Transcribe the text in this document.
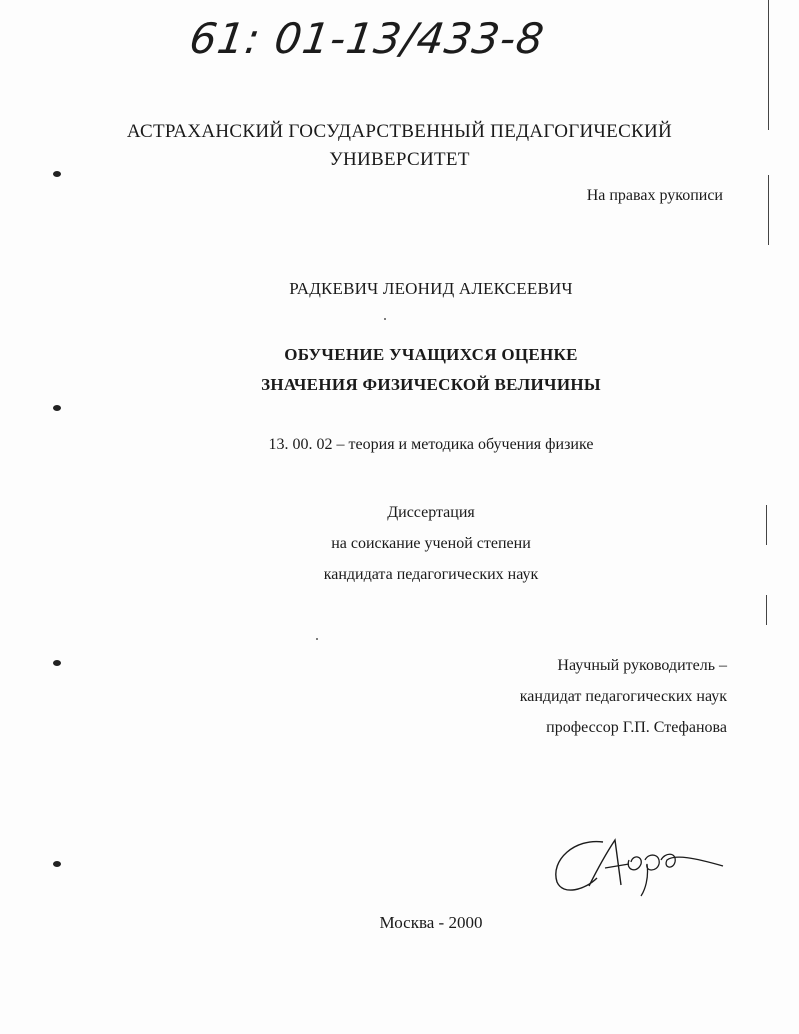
61: 01-13/433-8
АСТРАХАНСКИЙ ГОСУДАРСТВЕННЫЙ ПЕДАГОГИЧЕСКИЙ
УНИВЕРСИТЕТ
На правах рукописи
РАДКЕВИЧ ЛЕОНИД АЛЕКСЕЕВИЧ
ОБУЧЕНИЕ УЧАЩИХСЯ ОЦЕНКЕ
ЗНАЧЕНИЯ ФИЗИЧЕСКОЙ ВЕЛИЧИНЫ
13. 00. 02 – теория и методика обучения физике
Диссертация
на соискание ученой степени
кандидата педагогических наук
Научный руководитель –
кандидат педагогических наук
профессор Г.П. Стефанова
Москва - 2000
